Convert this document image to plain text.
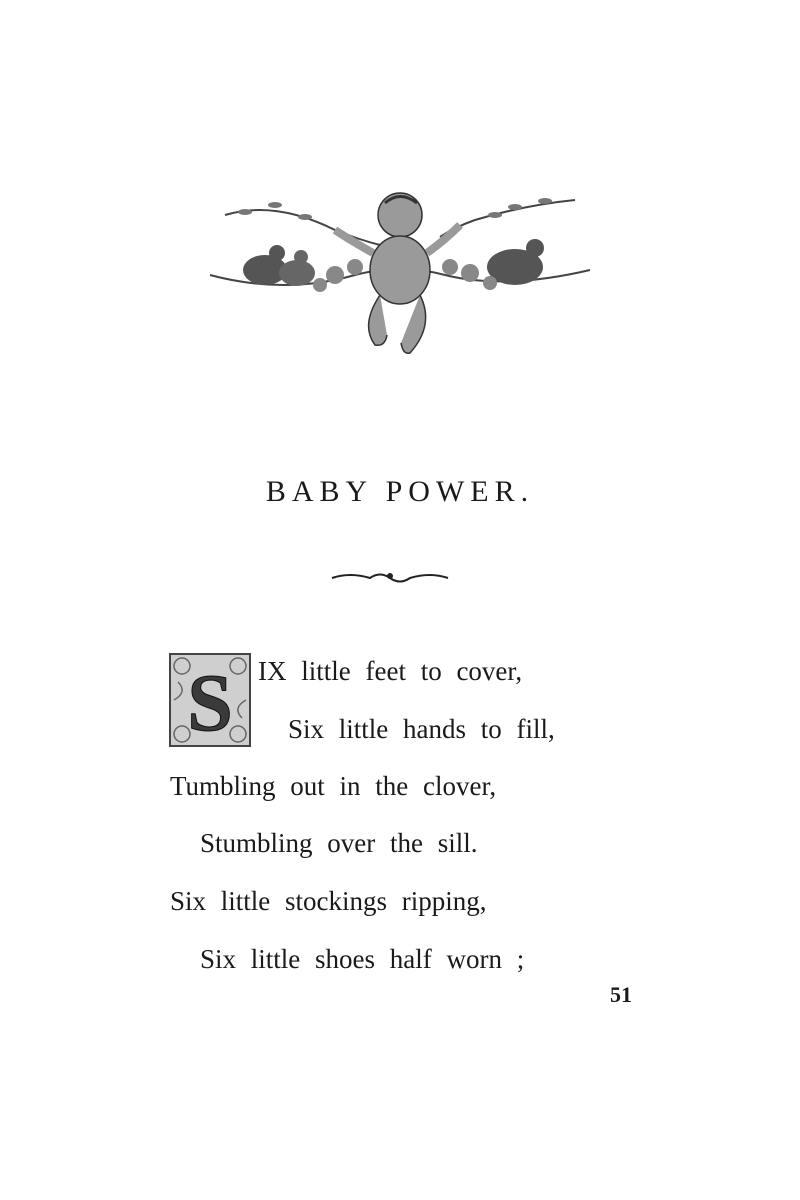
BABY POWER.
S IX little feet to cover,
Six little hands to fill,
Tumbling out in the clover,
Stumbling over the sill.
Six little stockings ripping,
Six little shoes half worn ;
51
